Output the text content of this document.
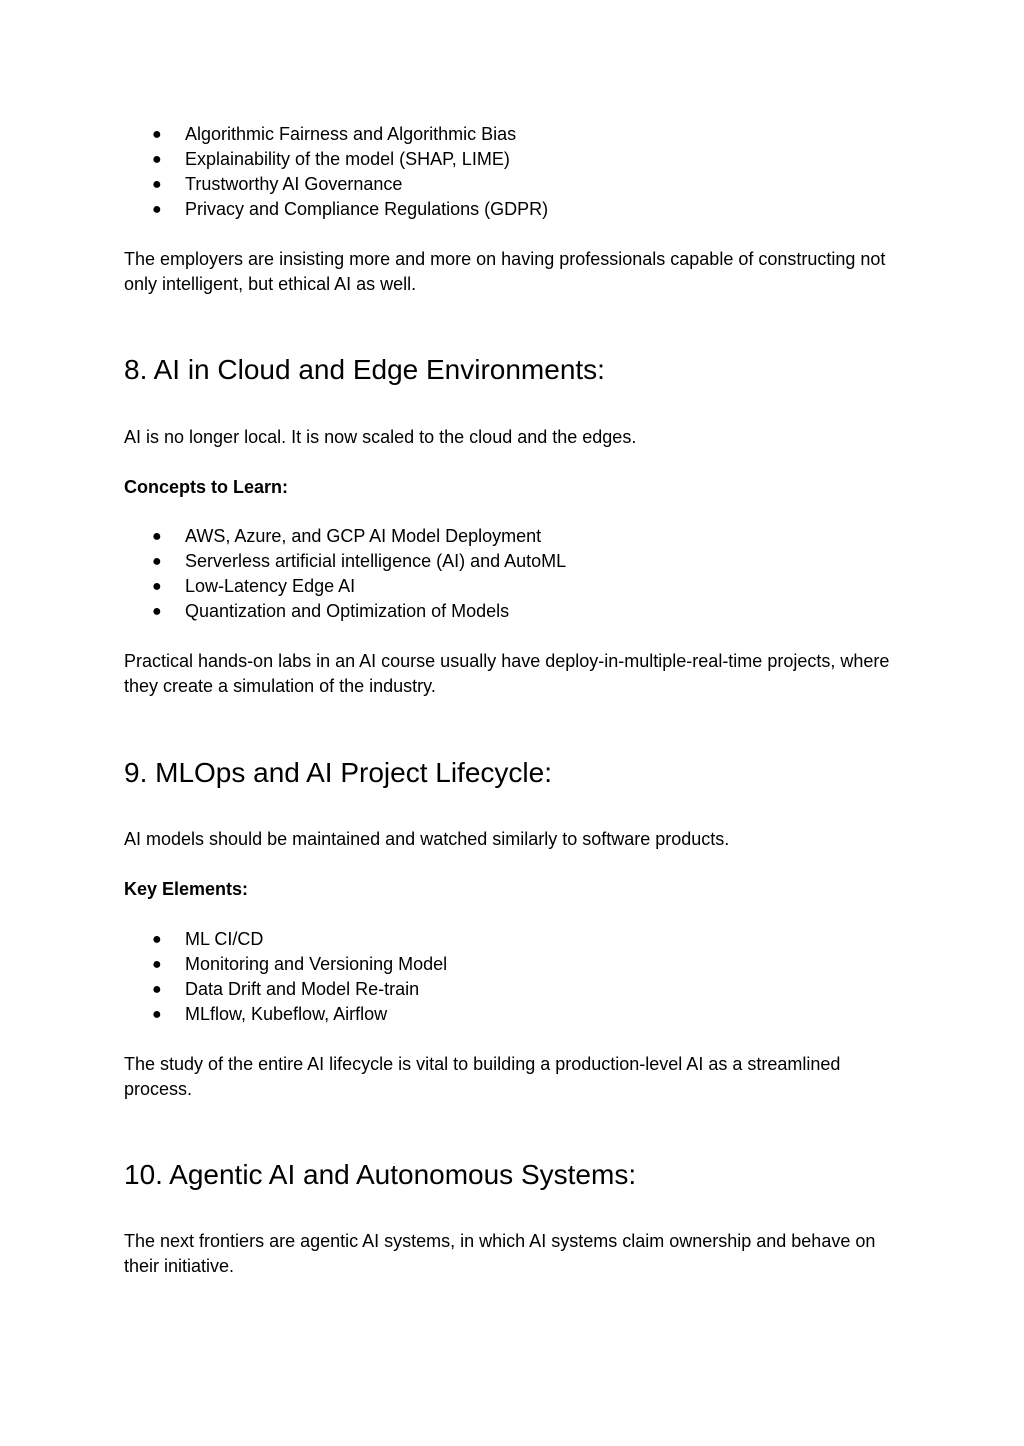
● Algorithmic Fairness and Algorithmic Bias
● Explainability of the model (SHAP, LIME)
● Trustworthy AI Governance
● Privacy and Compliance Regulations (GDPR)

The employers are insisting more and more on having professionals capable of constructing not only intelligent, but ethical AI as well.

8. AI in Cloud and Edge Environments:

AI is no longer local. It is now scaled to the cloud and the edges.

Concepts to Learn:

● AWS, Azure, and GCP AI Model Deployment
● Serverless artificial intelligence (AI) and AutoML
● Low-Latency Edge AI
● Quantization and Optimization of Models

Practical hands-on labs in an AI course usually have deploy-in-multiple-real-time projects, where they create a simulation of the industry.

9. MLOps and AI Project Lifecycle:

AI models should be maintained and watched similarly to software products.

Key Elements:

● ML CI/CD
● Monitoring and Versioning Model
● Data Drift and Model Re-train
● MLflow, Kubeflow, Airflow

The study of the entire AI lifecycle is vital to building a production-level AI as a streamlined process.

10. Agentic AI and Autonomous Systems:

The next frontiers are agentic AI systems, in which AI systems claim ownership and behave on their initiative.
